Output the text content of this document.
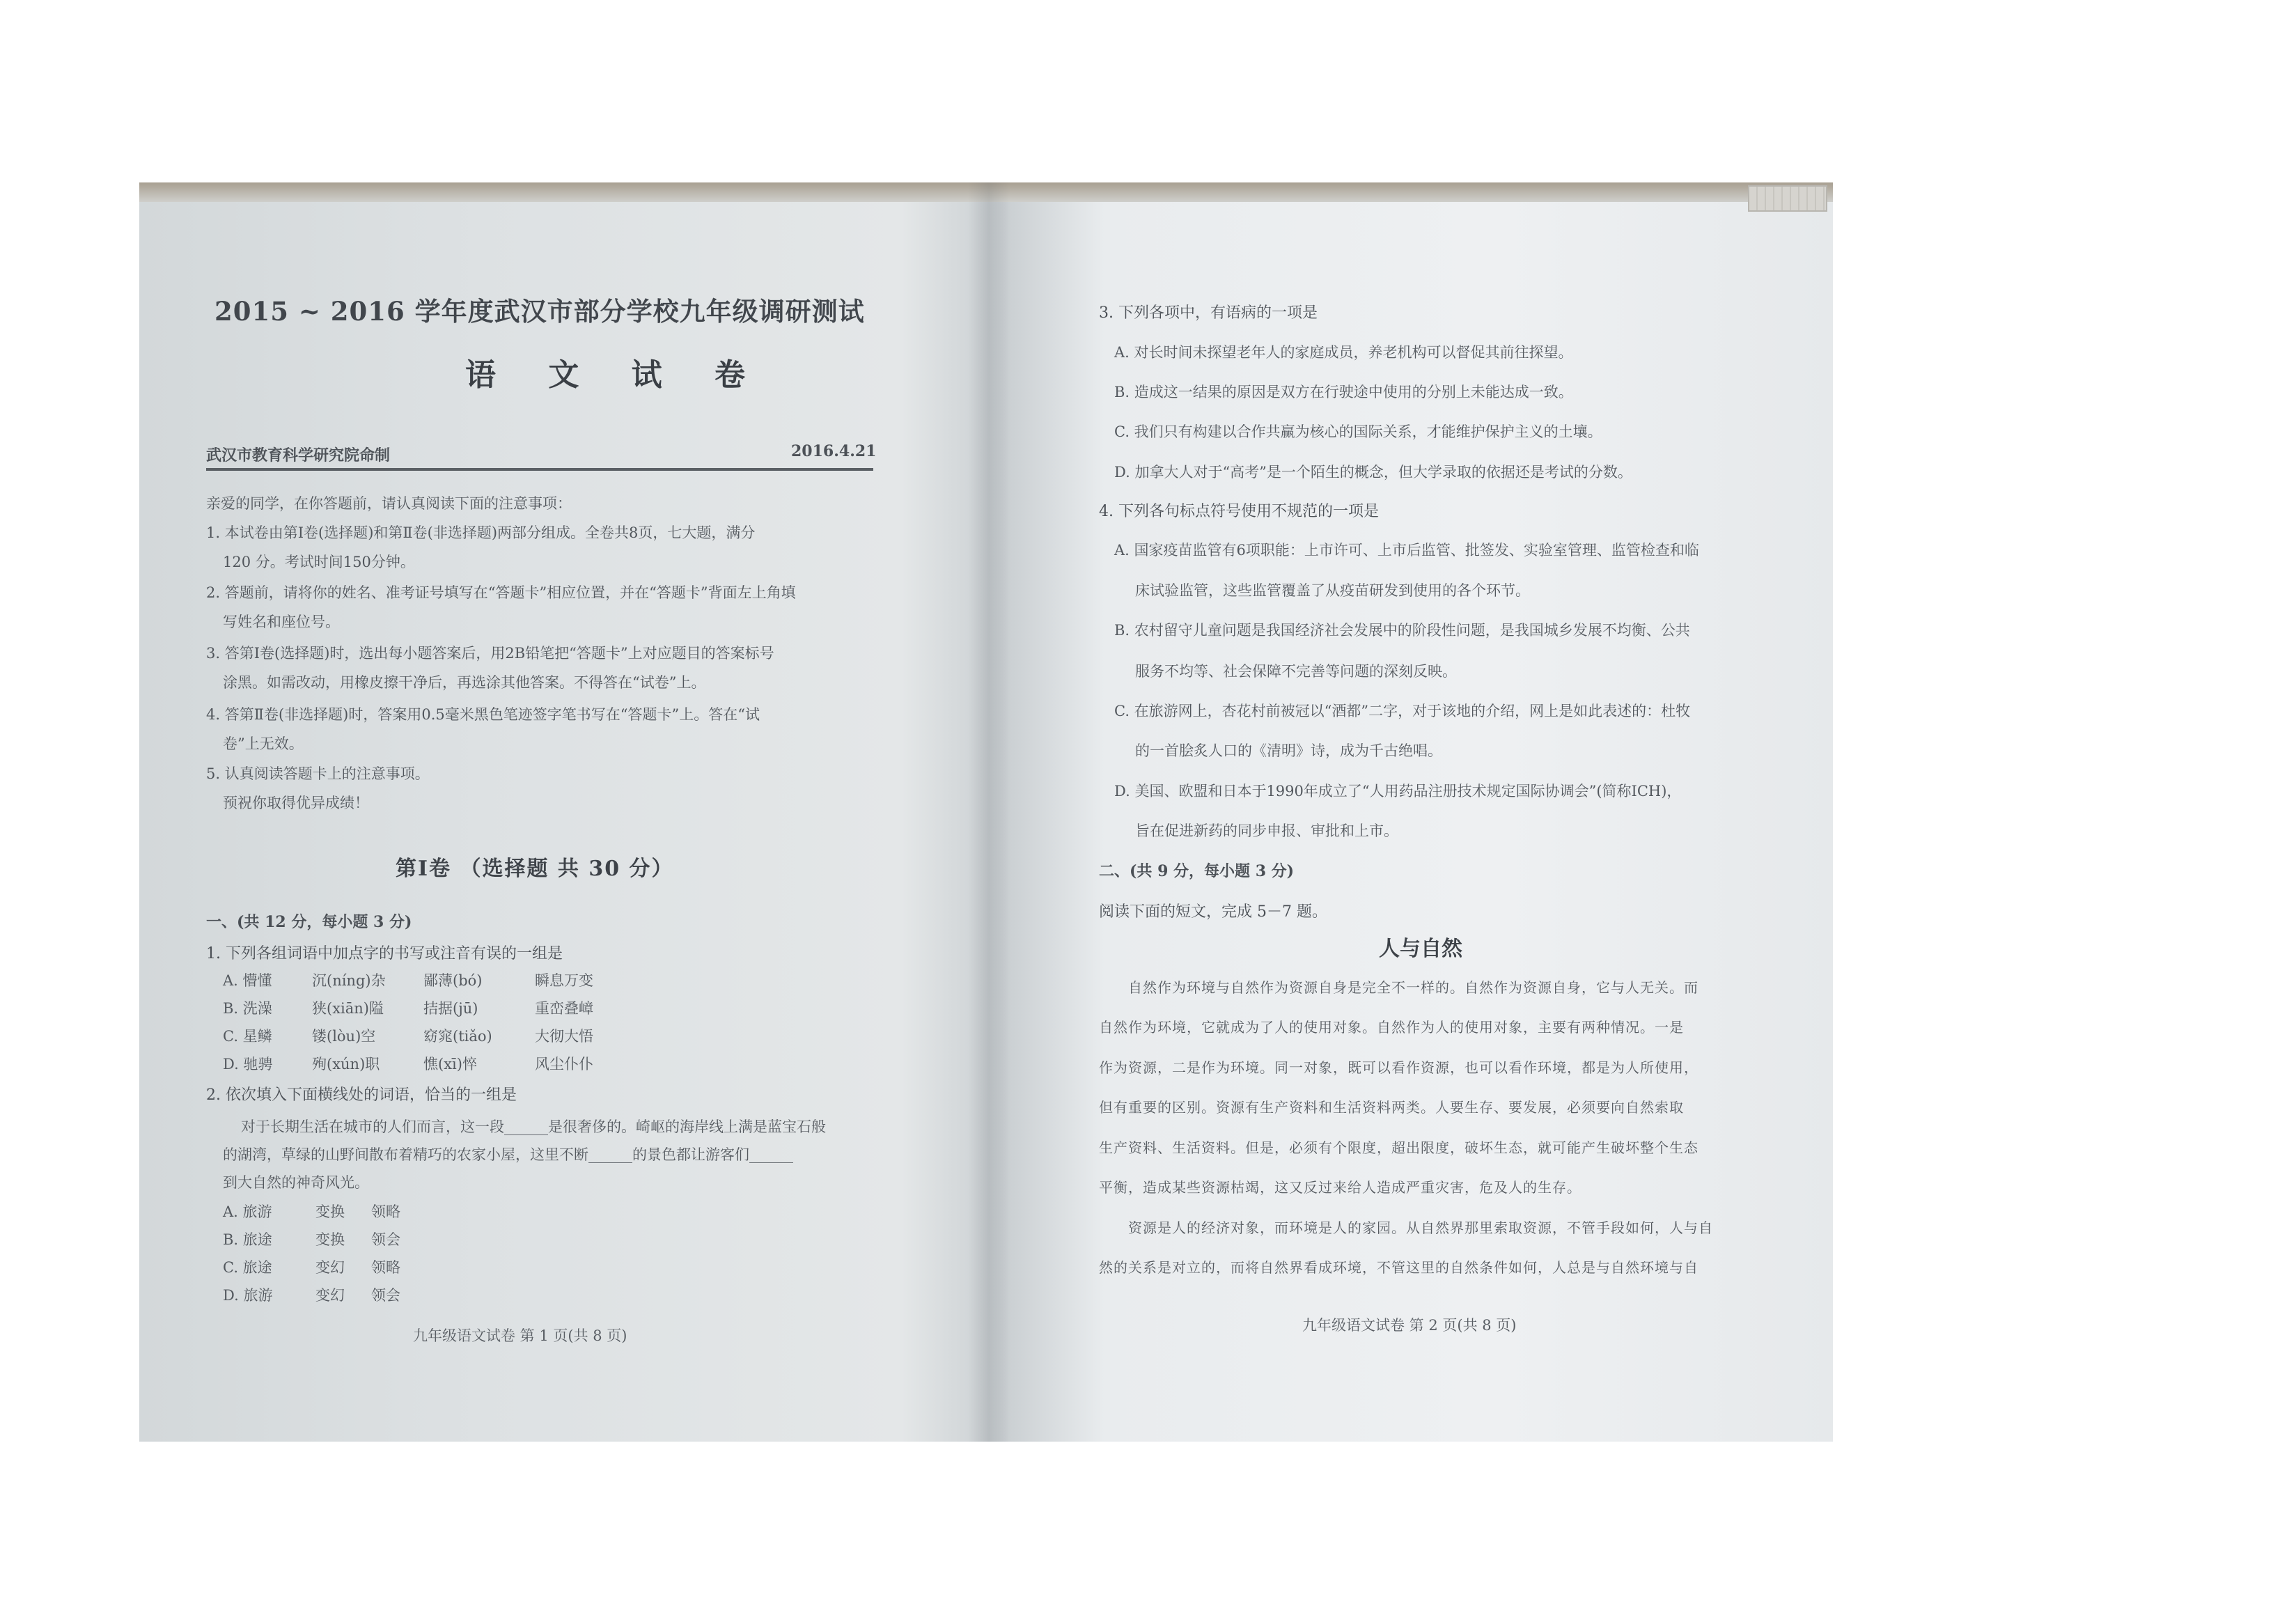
2015 ~ 2016 学年度武汉市部分学校九年级调研测试
语 文 试 卷
武汉市教育科学研究院命制	2016.4.21
亲爱的同学，在你答题前，请认真阅读下面的注意事项：
1. 本试卷由第Ⅰ卷(选择题)和第Ⅱ卷(非选择题)两部分组成。全卷共8页，七大题，满分
120 分。考试时间150分钟。
2. 答题前，请将你的姓名、准考证号填写在“答题卡”相应位置，并在“答题卡”背面左上角填
写姓名和座位号。
3. 答第Ⅰ卷(选择题)时，选出每小题答案后，用2B铅笔把“答题卡”上对应题目的答案标号
涂黑。如需改动，用橡皮擦干净后，再选涂其他答案。不得答在“试卷”上。
4. 答第Ⅱ卷(非选择题)时，答案用0.5毫米黑色笔迹签字笔书写在“答题卡”上。答在“试
卷”上无效。
5. 认真阅读答题卡上的注意事项。
预祝你取得优异成绩！
第Ⅰ卷 （选择题 共 30 分）
一、(共 12 分，每小题 3 分)
1. 下列各组词语中加点字的书写或注音有误的一组是
A. 懵懂	沉(níng)杂	鄙薄(bó)	瞬息万变
B. 洗澡	狭(xiān)隘	拮据(jū)	重峦叠嶂
C. 星鳞	镂(lòu)空	窈窕(tiǎo)	大彻大悟
D. 驰骋	殉(xún)职	憔(xī)悴	风尘仆仆
2. 依次填入下面横线处的词语，恰当的一组是
对于长期生活在城市的人们而言，这一段______是很奢侈的。崎岖的海岸线上满是蓝宝石般
的湖湾，草绿的山野间散布着精巧的农家小屋，这里不断______的景色都让游客们______
到大自然的神奇风光。
A. 旅游	变换 领略
B. 旅途	变换 领会
C. 旅途	变幻 领略
D. 旅游	变幻 领会
九年级语文试卷 第 1 页(共 8 页)
3. 下列各项中，有语病的一项是
A. 对长时间未探望老年人的家庭成员，养老机构可以督促其前往探望。
B. 造成这一结果的原因是双方在行驶途中使用的分别上未能达成一致。
C. 我们只有构建以合作共赢为核心的国际关系，才能维护保护主义的土壤。
D. 加拿大人对于“高考”是一个陌生的概念，但大学录取的依据还是考试的分数。
4. 下列各句标点符号使用不规范的一项是
A. 国家疫苗监管有6项职能：上市许可、上市后监管、批签发、实验室管理、监管检查和临
床试验监管，这些监管覆盖了从疫苗研发到使用的各个环节。
B. 农村留守儿童问题是我国经济社会发展中的阶段性问题，是我国城乡发展不均衡、公共
服务不均等、社会保障不完善等问题的深刻反映。
C. 在旅游网上，杏花村前被冠以“酒都”二字，对于该地的介绍，网上是如此表述的：杜牧
的一首脍炙人口的《清明》诗，成为千古绝唱。
D. 美国、欧盟和日本于1990年成立了“人用药品注册技术规定国际协调会”(简称ICH)，
旨在促进新药的同步申报、审批和上市。
二、(共 9 分，每小题 3 分)
阅读下面的短文，完成 5－7 题。
人与自然
自然作为环境与自然作为资源自身是完全不一样的。自然作为资源自身，它与人无关。而
自然作为环境，它就成为了人的使用对象。自然作为人的使用对象，主要有两种情况。一是
作为资源，二是作为环境。同一对象，既可以看作资源，也可以看作环境，都是为人所使用，
但有重要的区别。资源有生产资料和生活资料两类。人要生存、要发展，必须要向自然索取
生产资料、生活资料。但是，必须有个限度，超出限度，破坏生态，就可能产生破坏整个生态
平衡，造成某些资源枯竭，这又反过来给人造成严重灾害，危及人的生存。
资源是人的经济对象，而环境是人的家园。从自然界那里索取资源，不管手段如何，人与自
然的关系是对立的，而将自然界看成环境，不管这里的自然条件如何，人总是与自然环境与自
九年级语文试卷 第 2 页(共 8 页)
